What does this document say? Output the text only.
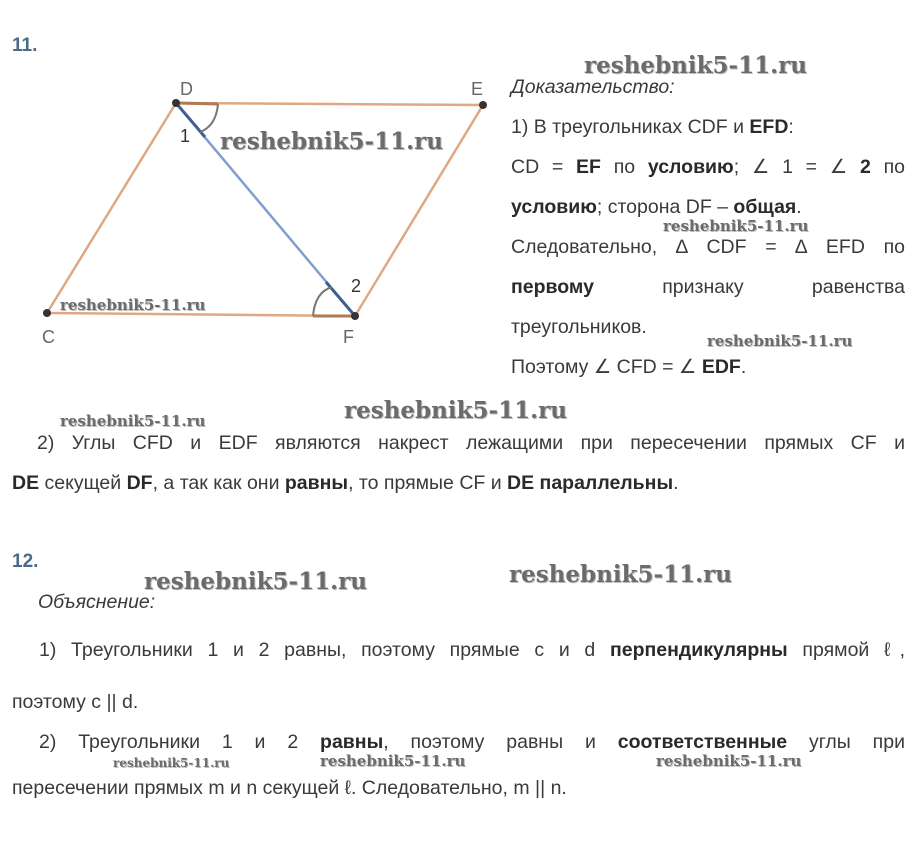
11.
D	E
C	F
1
2
Доказательство:
1) В треугольниках CDF и EFD:
CD = EF по условию; ∠ 1 = ∠ 2 по
условию; сторона DF – общая.
Следовательно, ∆ CDF = ∆ EFD по
первому признаку равенства
треугольников.
Поэтому ∠ CFD = ∠ EDF.
2) Углы CFD и EDF являются накрест лежащими при пересечении прямых CF и
DE секущей DF, а так как они равны, то прямые CF и DE параллельны.
12.
Объяснение:
1) Треугольники 1 и 2 равны, поэтому прямые c и d перпендикулярны прямой ℓ,
поэтому c || d.
2) Треугольники 1 и 2 равны, поэтому равны и соответственные углы при
пересечении прямых m и n секущей ℓ. Следовательно, m || n.
reshebnik5-11.ru
reshebnik5-11.ru
reshebnik5-11.ru
reshebnik5-11.ru
reshebnik5-11.ru
reshebnik5-11.ru	reshebnik5-11.ru
reshebnik5-11.ru	reshebnik5-11.ru
reshebnik5-11.ru	reshebnik5-11.ru	reshebnik5-11.ru
